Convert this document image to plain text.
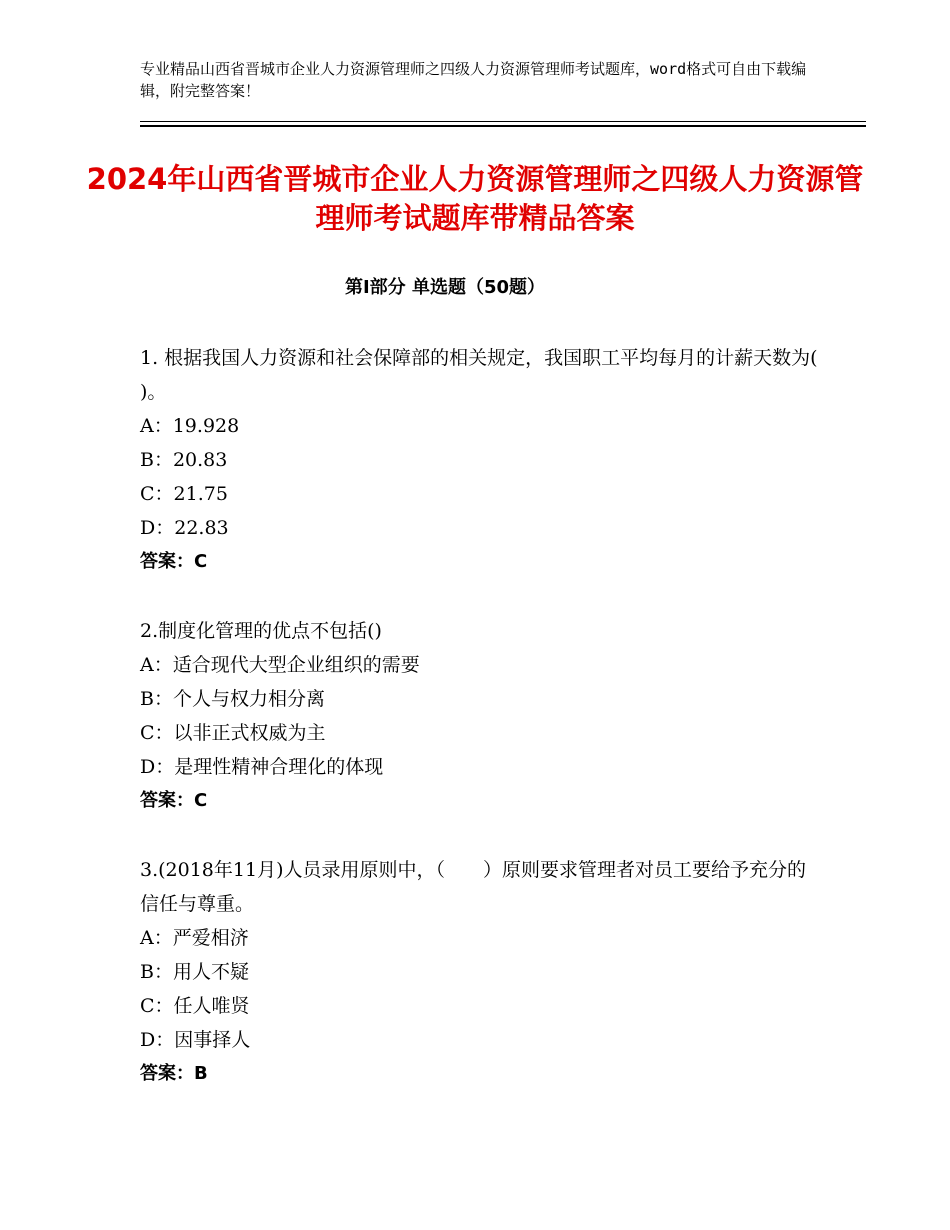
专业精品山西省晋城市企业人力资源管理师之四级人力资源管理师考试题库，word格式可自由下载编辑，附完整答案！
2024年山西省晋城市企业人力资源管理师之四级人力资源管理师考试题库带精品答案
第Ⅰ部分 单选题（50题）
1. 根据我国人力资源和社会保障部的相关规定，我国职工平均每月的计薪天数为( )。
A：19.928
B：20.83
C：21.75
D：22.83
答案：C
2.制度化管理的优点不包括()
A：适合现代大型企业组织的需要
B：个人与权力相分离
C：以非正式权威为主
D：是理性精神合理化的体现
答案：C
3.(2018年11月)人员录用原则中，（　　）原则要求管理者对员工要给予充分的信任与尊重。
A：严爱相济
B：用人不疑
C：任人唯贤
D：因事择人
答案：B
